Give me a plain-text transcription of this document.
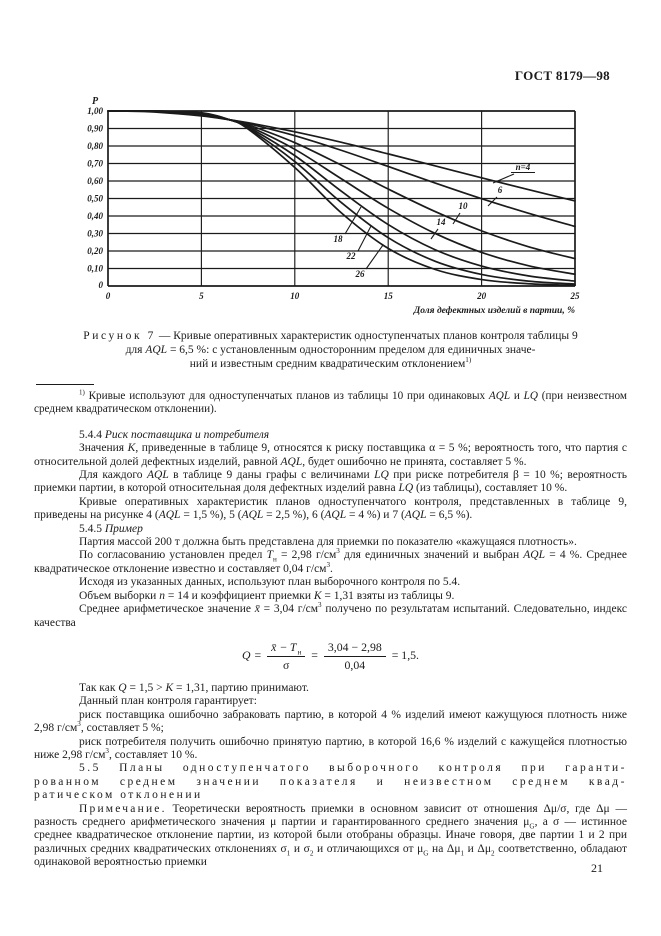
ГОСТ 8179—98
1,00
0,90
0,80
0,70
0,60
0,50
0,40
0,30
0,20
0,10
0
0	5	10	15	20	25
P
Доля дефектных изделий в партии, %
n=4
6
10
14
18
22
26
Рисунок 7 — Кривые оперативных характеристик одноступенчатых планов контроля таблицы 9
для AQL = 6,5 %: с установленным односторонним пределом для единичных значе-
ний и известным средним квадратическим отклонением$^{1)}$

$^{1)}$ Кривые используют для одноступенчатых планов из таблицы 10 при одинаковых AQL и LQ (при неизвестном среднем квадратическом отклонении).

5.4.4 Риск поставщика и потребителя

Значения K, приведенные в таблице 9, относятся к риску поставщика α = 5 %; вероятность того, что партия с относительной долей дефектных изделий, равной AQL, будет ошибочно не принята, составляет 5 %.

Для каждого AQL в таблице 9 даны графы с величинами LQ при риске потребителя β = 10 %; вероятность приемки партии, в которой относительная доля дефектных изделий равна LQ (из таблицы), составляет 10 %.

Кривые оперативных характеристик планов одноступенчатого контроля, представленных в таблице 9, приведены на рисунке 4 (AQL = 1,5 %), 5 (AQL = 2,5 %), 6 (AQL = 4 %) и 7 (AQL = 6,5 %).

5.4.5 Пример

Партия массой 200 т должна быть представлена для приемки по показателю «кажущаяся плотность».

По согласованию установлен предел $T_н = 2,98$ $г/см^3$ для единичных значений и выбран AQL = 4 %. Среднее квадратическое отклонение известно и составляет 0,04 $г/см^3$.

Исходя из указанных данных, используют план выборочного контроля по 5.4.

Объем выборки n = 14 и коэффициент приемки K = 1,31 взяты из таблицы 9.

Среднее арифметическое значение x̄ = 3,04 $г/см^3$ получено по результатам испытаний. Следовательно, индекс качества

$Q = \frac{x̄ - T_н}{\sigma} = \frac{3,04 - 2,98}{0,04} = 1,5$.

Так как Q = 1,5 > K = 1,31, партию принимают.

Данный план контроля гарантирует:

риск поставщика ошибочно забраковать партию, в которой 4 % изделий имеют кажущуюся плотность ниже 2,98 $г/см^3$, составляет 5 %;

риск потребителя получить ошибочно принятую партию, в которой 16,6 % изделий с кажущейся плотностью ниже 2,98 $г/см^3$, составляет 10 %.

5.5 Планы одноступенчатого выборочного контроля при гаранти-

рованном среднем значении показателя и неизвестном среднем квад-

ратическом отклонении

Примечание. Теоретически вероятность приемки в основном зависит от отношения Δμ/σ, где Δμ — разность среднего арифметического значения μ партии и гарантированного среднего значения $\mu_G$, а σ — истинное среднее квадратическое отклонение партии, из которой были отобраны образцы. Иначе говоря, две партии 1 и 2 при различных средних квадратических отклонениях $\sigma_1$ и $\sigma_2$ и отличающихся от $\mu_G$ на $\Delta\mu_1$ и $\Delta\mu_2$ соответственно, обладают одинаковой вероятностью приемки	21
